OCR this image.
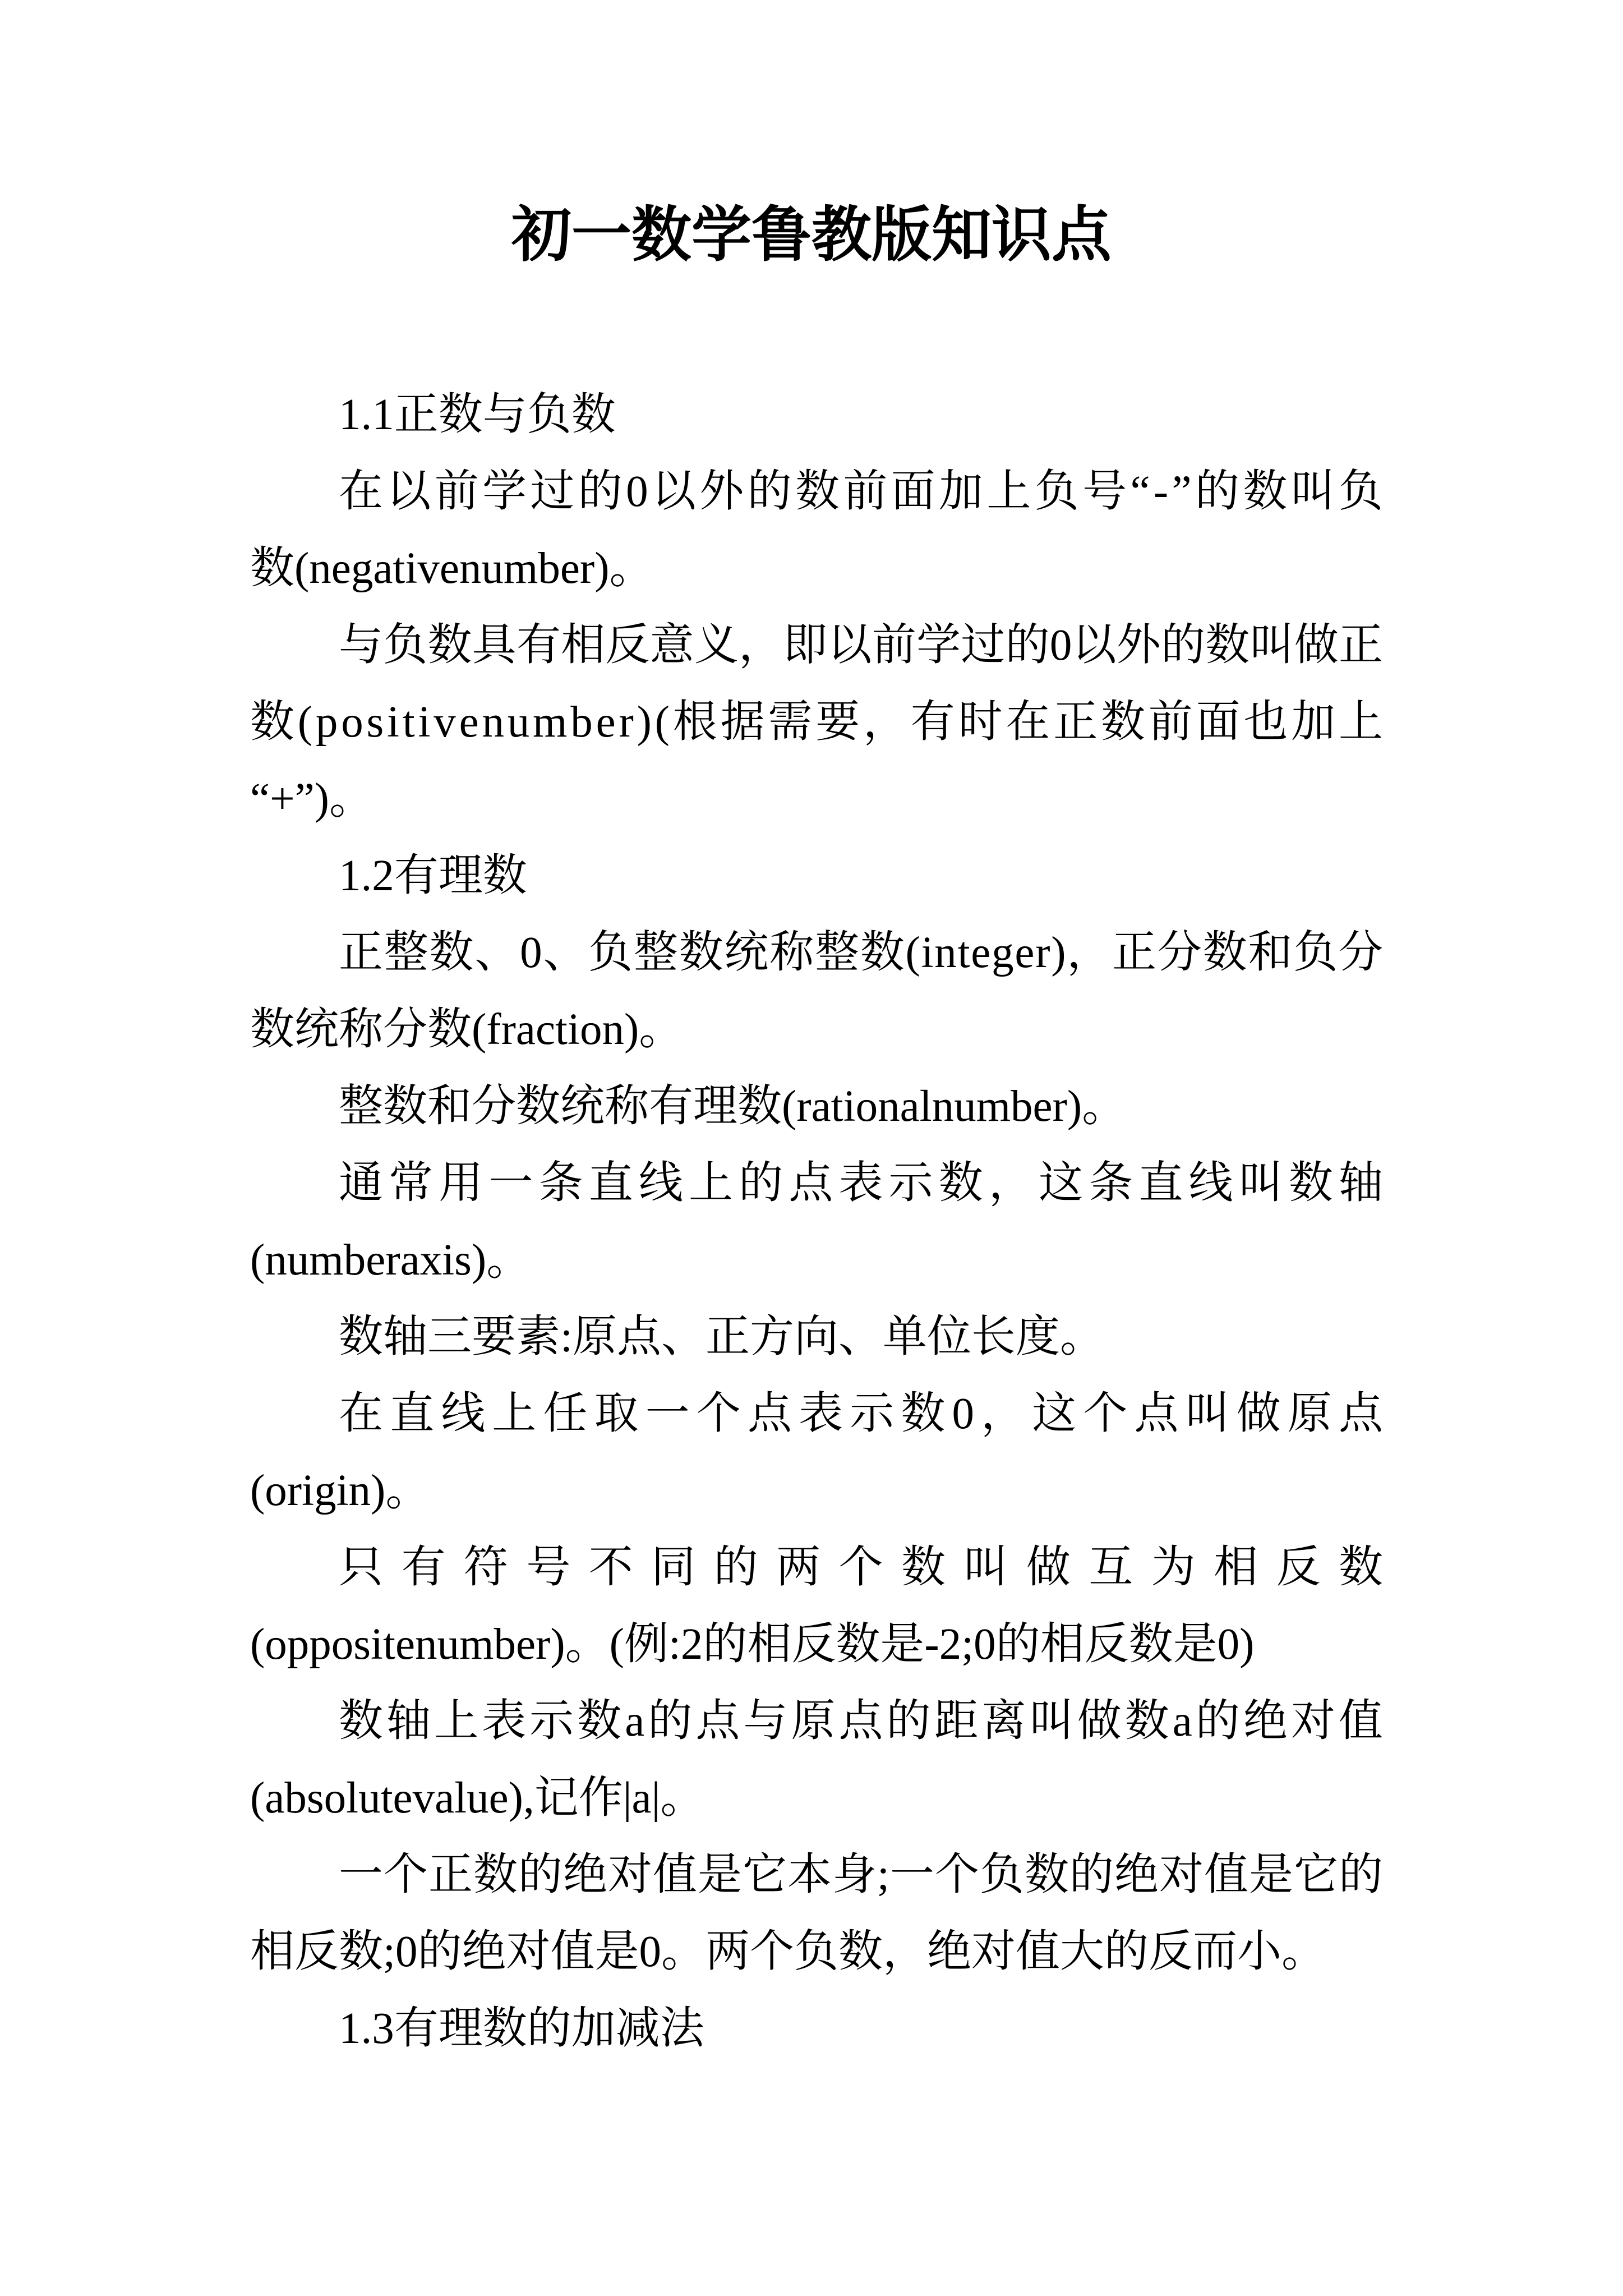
初一数学鲁教版知识点
1.1正数与负数
在以前学过的0以外的数前面加上负号“-”的数叫负
数(negativenumber)。
与负数具有相反意义，即以前学过的0以外的数叫做正
数(positivenumber)(根据需要，有时在正数前面也加上
“+”)。
1.2有理数
正整数、0、负整数统称整数(integer)，正分数和负分
数统称分数(fraction)。
整数和分数统称有理数(rationalnumber)。
通常用一条直线上的点表示数，这条直线叫数轴
(numberaxis)。
数轴三要素:原点、正方向、单位长度。
在直线上任取一个点表示数0，这个点叫做原点
(origin)。
只有符号不同的两个数叫做互为相反数
(oppositenumber)。(例:2的相反数是-2;0的相反数是0)
数轴上表示数a的点与原点的距离叫做数a的绝对值
(absolutevalue),记作|a|。
一个正数的绝对值是它本身;一个负数的绝对值是它的
相反数;0的绝对值是0。两个负数，绝对值大的反而小。
1.3有理数的加减法
